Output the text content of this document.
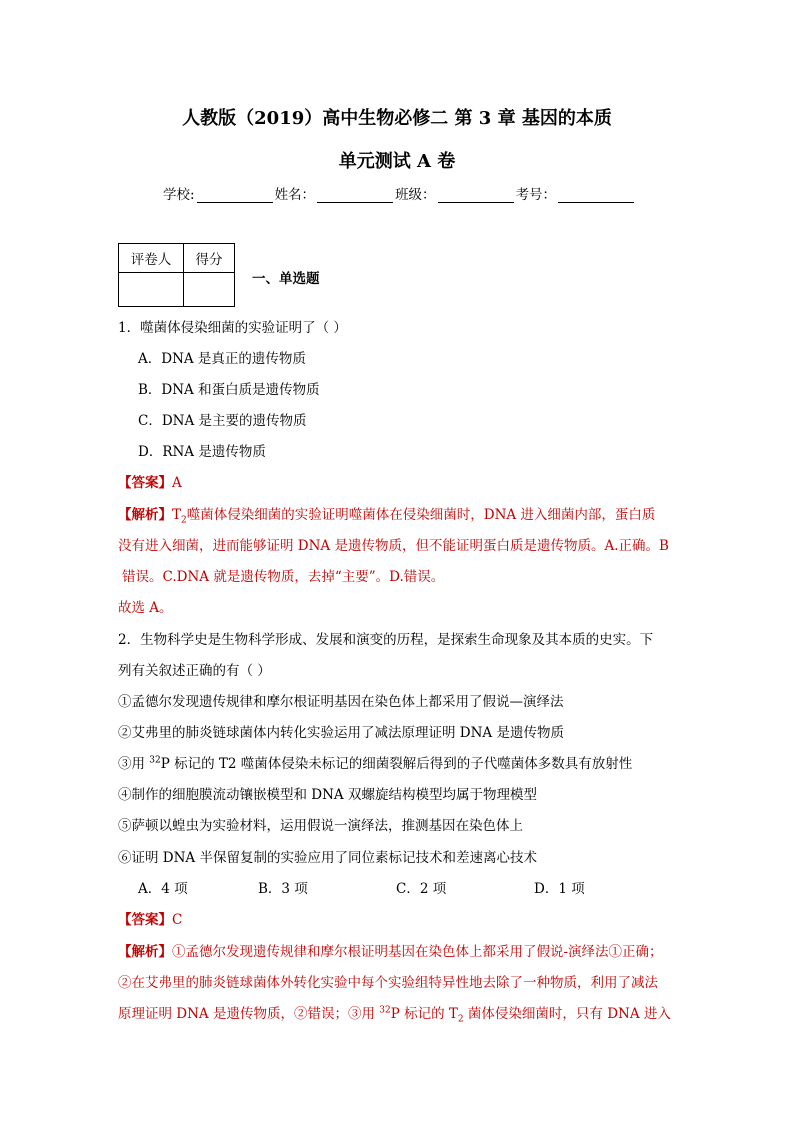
人教版（2019）高中生物必修二 第 3 章 基因的本质
单元测试 A 卷
学校:	姓名：	班级：	考号：
评卷人	得分

一、单选题
1．噬菌体侵染细菌的实验证明了（ ）
A．DNA 是真正的遗传物质
B．DNA 和蛋白质是遗传物质
C．DNA 是主要的遗传物质
D．RNA 是遗传物质
【答案】A
【解析】$T_2$噬菌体侵染细菌的实验证明噬菌体在侵染细菌时，DNA 进入细菌内部，蛋白质
没有进入细菌，进而能够证明 DNA 是遗传物质，但不能证明蛋白质是遗传物质。A.正确。B
错误。C.DNA 就是遗传物质，去掉“主要”。D.错误。
故选 A。
2．生物科学史是生物科学形成、发展和演变的历程，是探索生命现象及其本质的史实。下
列有关叙述正确的有（ ）
①孟德尔发现遗传规律和摩尔根证明基因在染色体上都采用了假说—演绎法
②艾弗里的肺炎链球菌体内转化实验运用了减法原理证明 DNA 是遗传物质
③用 $^{32}$P 标记的 T2 噬菌体侵染未标记的细菌裂解后得到的子代噬菌体多数具有放射性
④制作的细胞膜流动镶嵌模型和 DNA 双螺旋结构模型均属于物理模型
⑤萨顿以蝗虫为实验材料，运用假说一演绎法，推测基因在染色体上
⑥证明 DNA 半保留复制的实验应用了同位素标记技术和差速离心技术
A．4 项	B．3 项	C．2 项	D．1 项
【答案】C
【解析】①孟德尔发现遗传规律和摩尔根证明基因在染色体上都采用了假说-演绎法①正确；
②在艾弗里的肺炎链球菌体外转化实验中每个实验组特异性地去除了一种物质，利用了减法
原理证明 DNA 是遗传物质，②错误；③用 $^{32}$P 标记的 $T_2$ 菌体侵染细菌时，只有 DNA 进入
